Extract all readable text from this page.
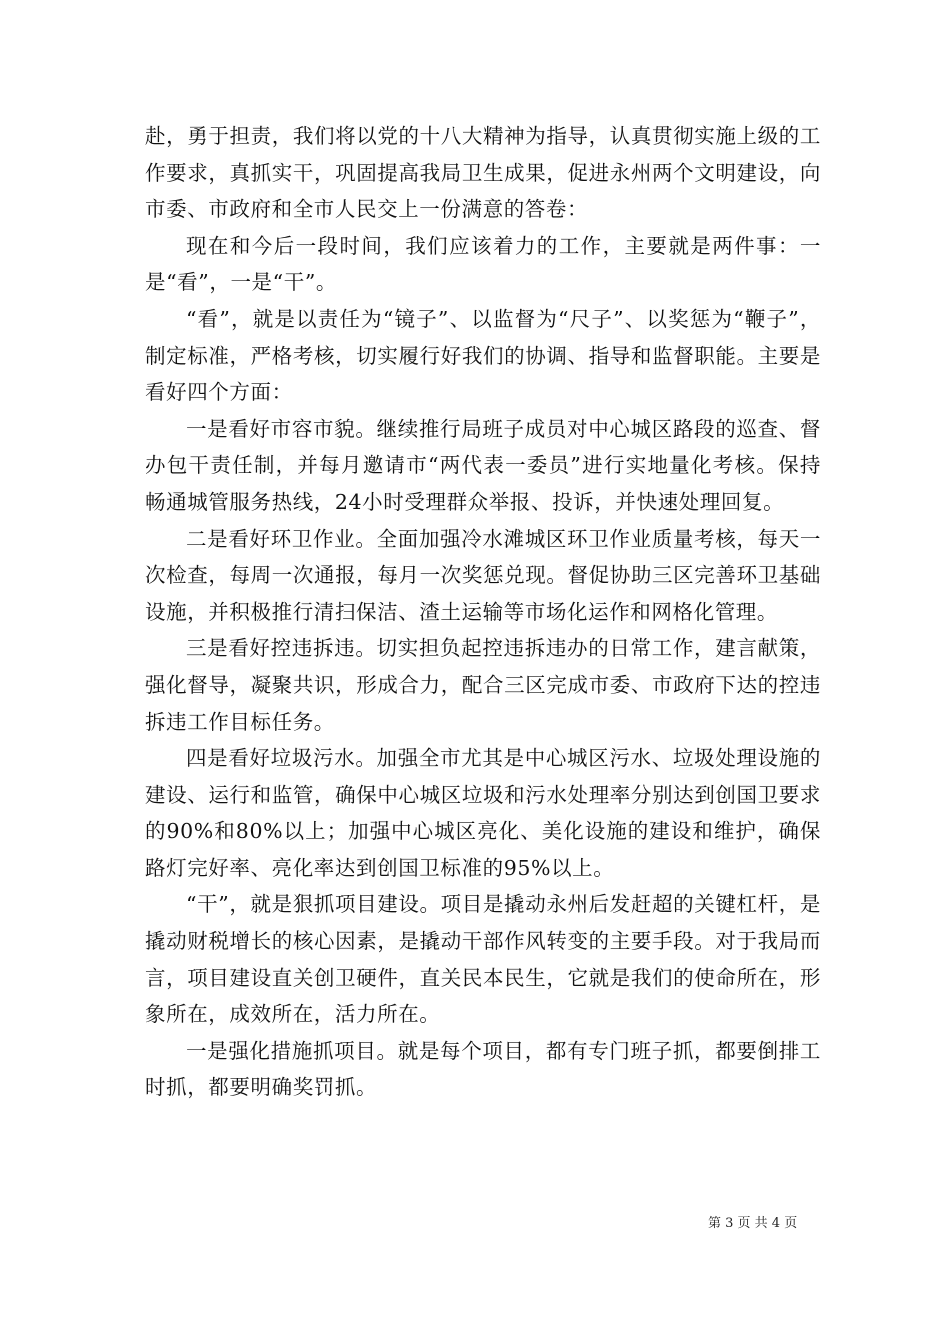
赴，勇于担责，我们将以党的十八大精神为指导，认真贯彻实施上级的工作要求，真抓实干，巩固提高我局卫生成果，促进永州两个文明建设，向市委、市政府和全市人民交上一份满意的答卷：

现在和今后一段时间，我们应该着力的工作，主要就是两件事：一是“看”，一是“干”。

“看”，就是以责任为“镜子”、以监督为“尺子”、以奖惩为“鞭子”，制定标准，严格考核，切实履行好我们的协调、指导和监督职能。主要是看好四个方面：

一是看好市容市貌。继续推行局班子成员对中心城区路段的巡查、督办包干责任制，并每月邀请市“两代表一委员”进行实地量化考核。保持畅通城管服务热线，24小时受理群众举报、投诉，并快速处理回复。

二是看好环卫作业。全面加强冷水滩城区环卫作业质量考核，每天一次检查，每周一次通报，每月一次奖惩兑现。督促协助三区完善环卫基础设施，并积极推行清扫保洁、渣土运输等市场化运作和网格化管理。

三是看好控违拆违。切实担负起控违拆违办的日常工作，建言献策，强化督导，凝聚共识，形成合力，配合三区完成市委、市政府下达的控违拆违工作目标任务。

四是看好垃圾污水。加强全市尤其是中心城区污水、垃圾处理设施的建设、运行和监管，确保中心城区垃圾和污水处理率分别达到创国卫要求的90%和80%以上；加强中心城区亮化、美化设施的建设和维护，确保路灯完好率、亮化率达到创国卫标准的95%以上。

“干”，就是狠抓项目建设。项目是撬动永州后发赶超的关键杠杆，是撬动财税增长的核心因素，是撬动干部作风转变的主要手段。对于我局而言，项目建设直关创卫硬件，直关民本民生，它就是我们的使命所在，形象所在，成效所在，活力所在。

一是强化措施抓项目。就是每个项目，都有专门班子抓，都要倒排工时抓，都要明确奖罚抓。

第 3 页 共 4 页
